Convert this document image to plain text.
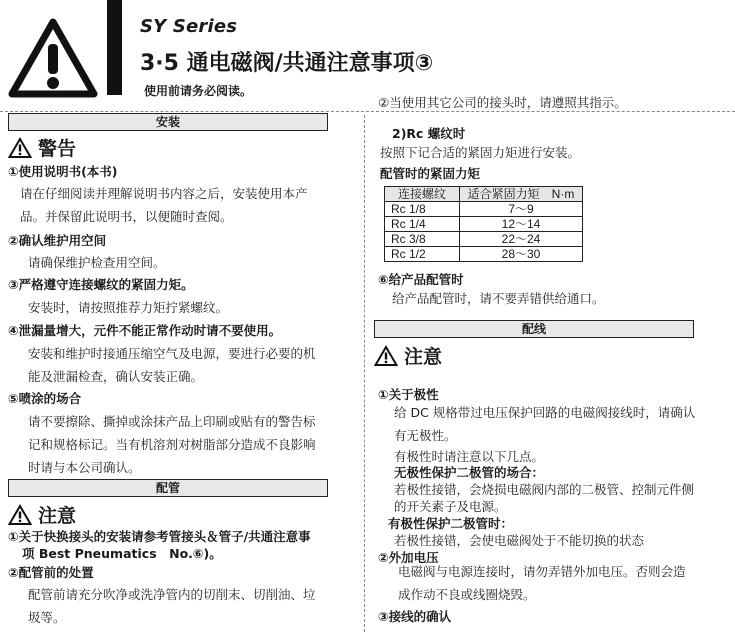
SY Series
3·5 通电磁阀/共通注意事项③
使用前请务必阅读。
安装
警告
①使用说明书(本书)
请在仔细阅读并理解说明书内容之后，安装使用本产
品。并保留此说明书，以便随时查阅。
②确认维护用空间
请确保维护检查用空间。
③严格遵守连接螺纹的紧固力矩。
安装时，请按照推荐力矩拧紧螺纹。
④泄漏量增大，元件不能正常作动时请不要使用。
安装和维护时接通压缩空气及电源，要进行必要的机
能及泄漏检查，确认安装正确。
⑤喷涂的场合
请不要擦除、撕掉或涂抹产品上印刷或贴有的警告标
记和规格标记。当有机溶剂对树脂部分造成不良影响
时请与本公司确认。
配管
注意
①关于快换接头的安装请参考管接头＆管子/共通注意事
项 Best Pneumatics　No.⑥)。
②配管前的处置
配管前请充分吹净或洗净管内的切削末、切削油、垃
圾等。
②当使用其它公司的接头时，请遵照其指示。
2)Rc 螺纹时
按照下记合适的紧固力矩进行安装。
配管时的紧固力矩
连接螺纹	适合紧固力矩　N·m
Rc 1/8	7～9
Rc 1/4	12～14
Rc 3/8	22～24
Rc 1/2	28～30
⑥给产品配管时
给产品配管时，请不要弄错供给通口。
配线
注意
①关于极性
给 DC 规格带过电压保护回路的电磁阀接线时，请确认
有无极性。
有极性时请注意以下几点。
无极性保护二极管的场合：
若极性接错，会烧损电磁阀内部的二极管、控制元件侧
的开关素子及电源。
有极性保护二极管时：
若极性接错，会使电磁阀处于不能切换的状态
②外加电压
电磁阀与电源连接时，请勿弄错外加电压。否则会造
成作动不良或线圈烧毁。
③接线的确认
